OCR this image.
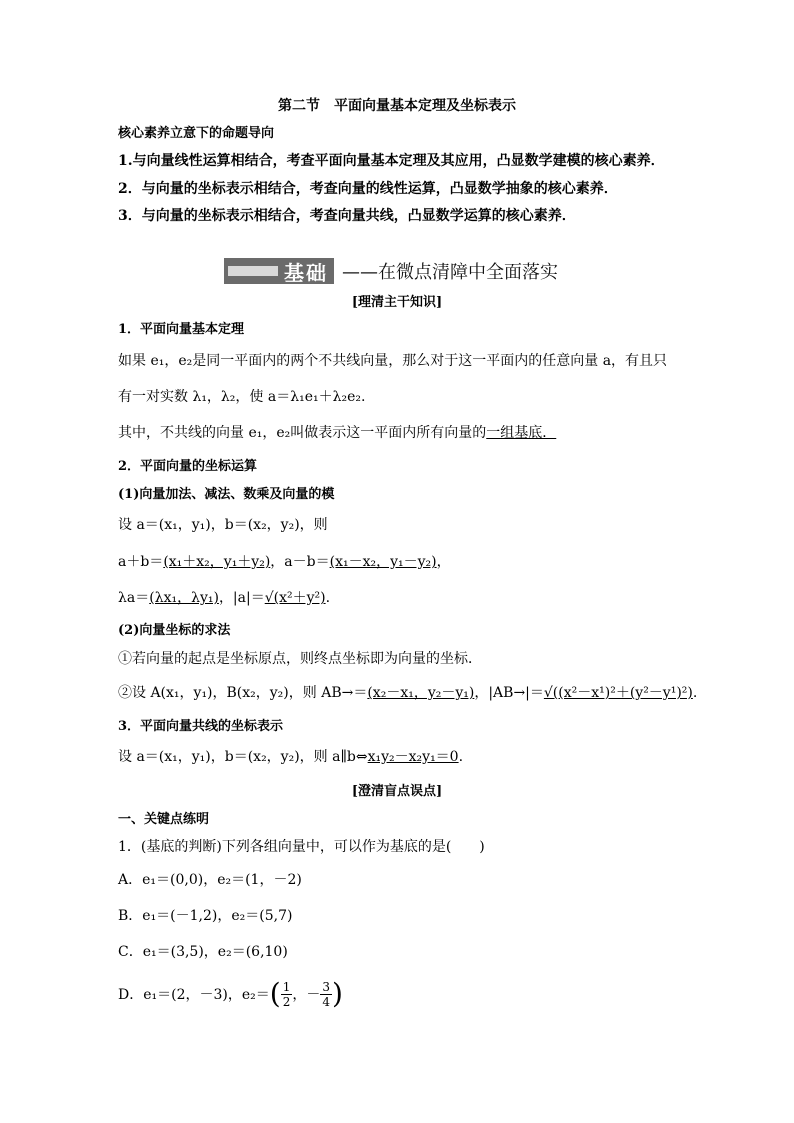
第二节　平面向量基本定理及坐标表示
核心素养立意下的命题导向
1.与向量线性运算相结合，考查平面向量基本定理及其应用，凸显数学建模的核心素养．
2．与向量的坐标表示相结合，考查向量的线性运算，凸显数学抽象的核心素养．
3．与向量的坐标表示相结合，考查向量共线，凸显数学运算的核心素养．
基础 ——在微点清障中全面落实
[理清主干知识]
1．平面向量基本定理
如果 e₁，e₂是同一平面内的两个不共线向量，那么对于这一平面内的任意向量 a，有且只
有一对实数 λ₁，λ₂，使 a＝λ₁e₁＋λ₂e₂.
其中，不共线的向量 e₁，e₂叫做表示这一平面内所有向量的一组基底．
2．平面向量的坐标运算
(1)向量加法、减法、数乘及向量的模
设 a＝(x₁，y₁)，b＝(x₂，y₂)，则
a＋b＝(x₁＋x₂，y₁＋y₂)，a－b＝(x₁－x₂，y₁－y₂)，
λa＝(λx₁，λy₁)，|a|＝√(x²＋y²).
(2)向量坐标的求法
①若向量的起点是坐标原点，则终点坐标即为向量的坐标．
②设 A(x₁，y₁)，B(x₂，y₂)，则 AB→＝(x₂－x₁，y₂－y₁)，|AB→|＝√((x²－x¹)²＋(y²－y¹)²).
3．平面向量共线的坐标表示
设 a＝(x₁，y₁)，b＝(x₂，y₂)，则 a∥b⇔x₁y₂－x₂y₁＝0.
[澄清盲点误点]
一、关键点练明
1．(基底的判断)下列各组向量中，可以作为基底的是(　　)
A．e₁＝(0,0)，e₂＝(1，－2)
B．e₁＝(－1,2)，e₂＝(5,7)
C．e₁＝(3,5)，e₂＝(6,10)
D．e₁＝(2，－3)，e₂＝ ( $\frac{1}{2}$ ，－ $\frac{3}{4}$ )
